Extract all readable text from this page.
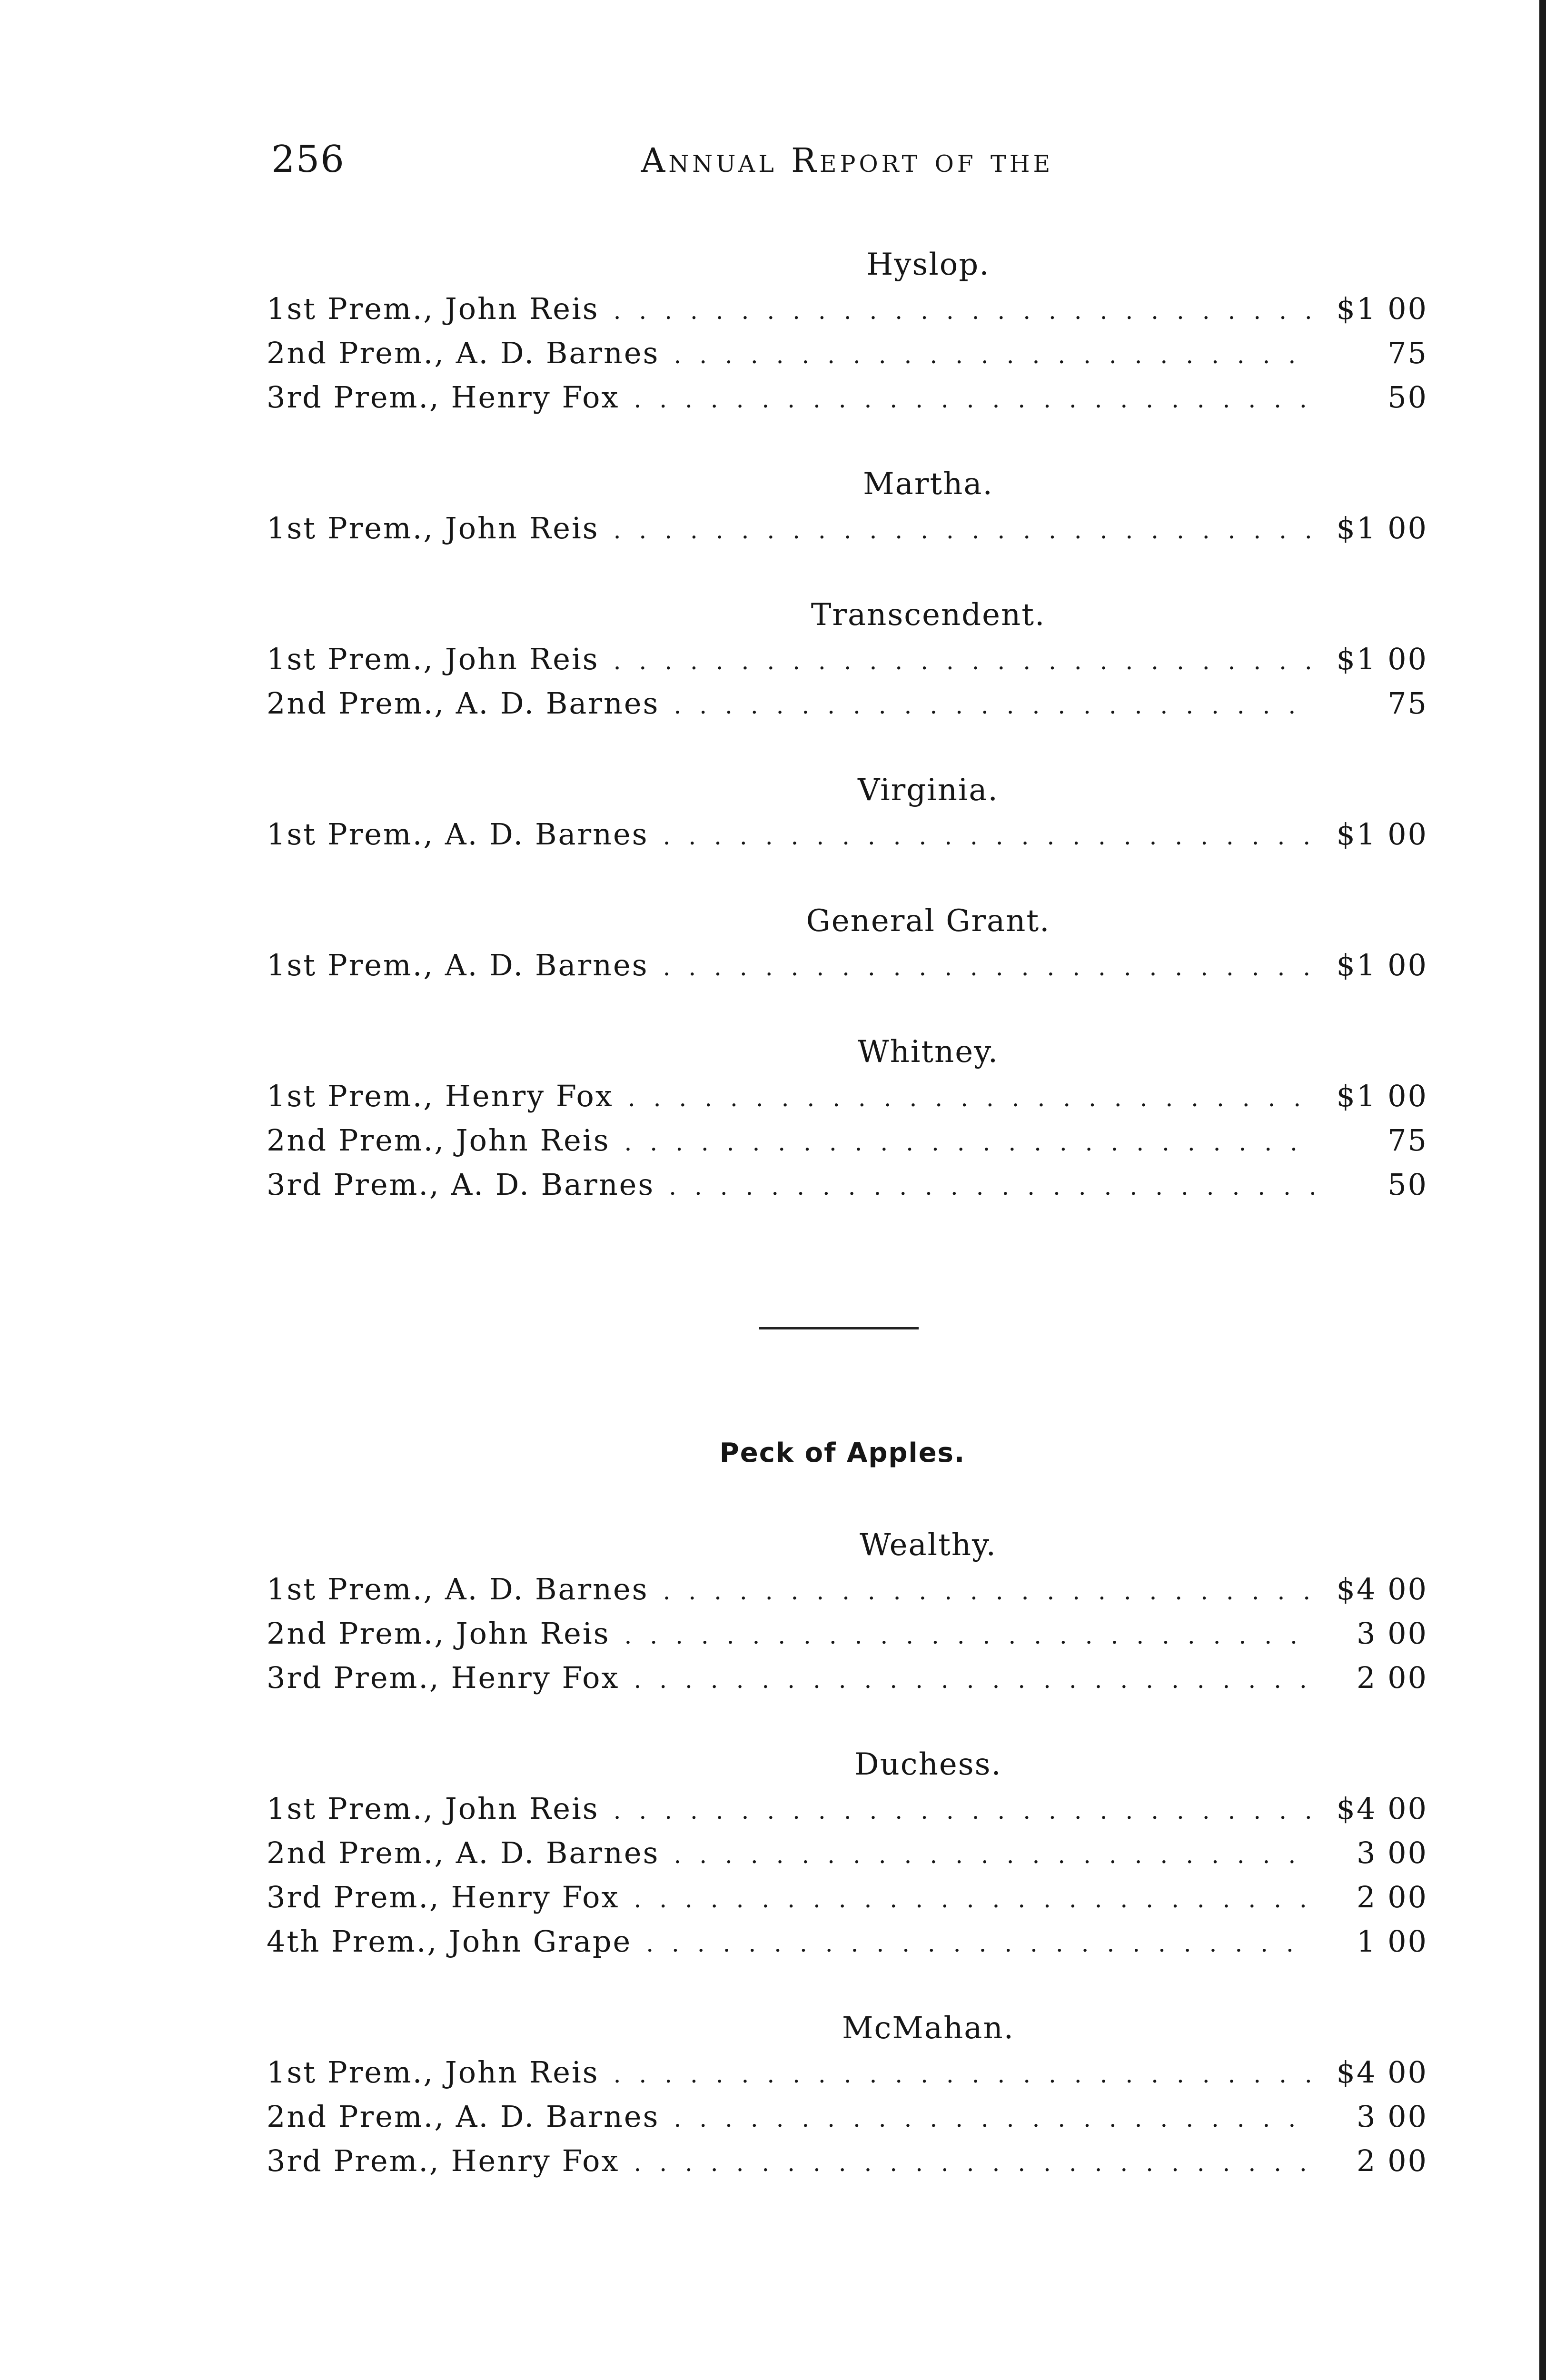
256	Annual Report of the
Hyslop.
1st Prem., John Reis . . .	$1 00
2nd Prem., A. D. Barnes . . .	75
3rd Prem., Henry Fox . . .	50
Martha.
1st Prem., John Reis . . .	$1 00
Transcendent.
1st Prem., John Reis . . .	$1 00
2nd Prem., A. D. Barnes . . .	75
Virginia.
1st Prem., A. D. Barnes . . .	$1 00
General Grant.
1st Prem., A. D. Barnes . . .	$1 00
Whitney.
1st Prem., Henry Fox . . .	$1 00
2nd Prem., John Reis . . .	75
3rd Prem., A. D. Barnes . . .	50
Peck of Apples.
Wealthy.
1st Prem., A. D. Barnes . . .	$4 00
2nd Prem., John Reis . . .	3 00
3rd Prem., Henry Fox . . .	2 00
Duchess.
1st Prem., John Reis . . .	$4 00
2nd Prem., A. D. Barnes . . .	3 00
3rd Prem., Henry Fox . . .	2 00
4th Prem., John Grape . . .	1 00
McMahan.
1st Prem., John Reis . . .	$4 00
2nd Prem., A. D. Barnes . . .	3 00
3rd Prem., Henry Fox . . .	2 00
